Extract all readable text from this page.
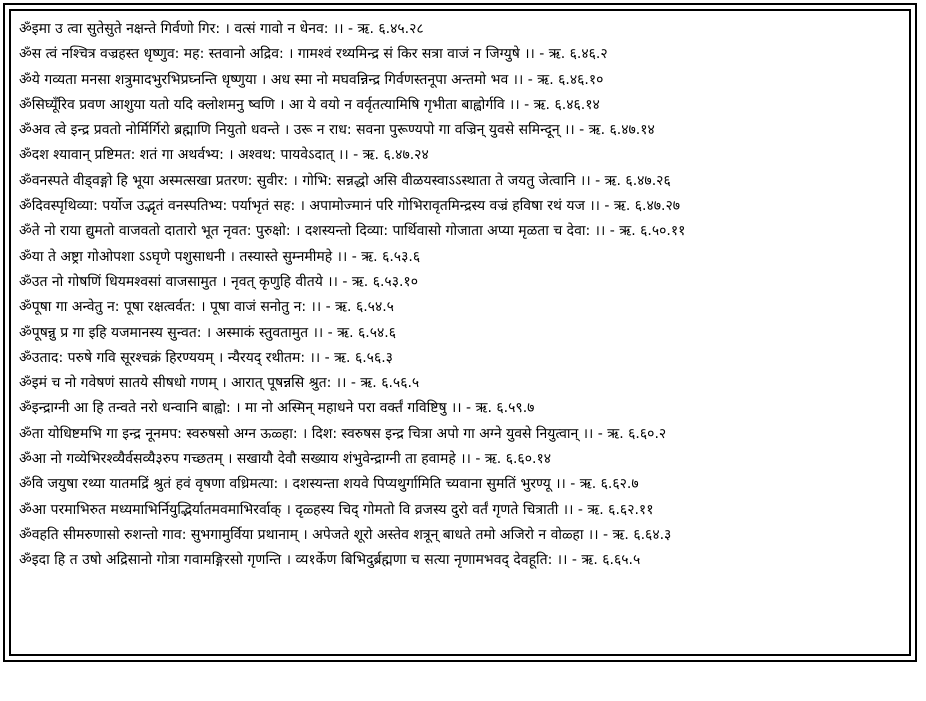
ॐइमा उ त्वा सुतेसुते नक्षन्ते गिर्वणो गिर: । वत्सं गावो न धेनव: ।। - ऋ. ६.४५.२८
ॐस त्वं नश्चित्र वज्रहस्त धृष्णुव: मह: स्तवानो अद्रिव: । गामश्वं रथ्यमिन्द्र सं किर सत्रा वाजं न जिग्युषे ।। - ऋ. ६.४६.२
ॐये गव्यता मनसा शत्रुमादभुरभिप्रघ्नन्ति धृष्णुया । अध स्मा नो मघवन्निन्द्र गिर्वणस्तनूपा अन्तमो भव ।। - ऋ. ६.४६.१०
ॐसिघ्यूँरिव प्रवण आशुया यतो यदि क्लोशमनु ष्वणि । आ ये वयो न वर्वृतत्यामिषि गृभीता बाह्वोर्गवि ।। - ऋ. ६.४६.१४
ॐअव त्वे इन्द्र प्रवतो नोर्मिर्गिरो ब्रह्माणि नियुतो धवन्ते । उरू न राध: सवना पुरूण्यपो गा वज्रिन् युवसे समिन्दून् ।। - ऋ. ६.४७.१४
ॐदश श्यावान् प्रष्टिमत: शतं गा अथर्वभ्य: । अश्वथ: पायवेऽदात् ।। - ऋ. ६.४७.२४
ॐवनस्पते वीड्वङ्गो हि भूया अस्मत्सखा प्रतरण: सुवीर: । गोभि: सन्नद्धो असि वीळयस्वाऽऽस्थाता ते जयतु जेत्वानि ।। - ऋ. ६.४७.२६
ॐदिवस्पृथिव्या: पर्योज उद्भृतं वनस्पतिभ्य: पर्याभृतं सह: । अपामोज्मानं परि गोभिरावृतमिन्द्रस्य वज्रं हविषा रथं यज ।। - ऋ. ६.४७.२७
ॐते नो राया द्युमतो वाजवतो दातारो भूत नृवत: पुरुक्षो: । दशस्यन्तो दिव्या: पार्थिवासो गोजाता अप्या मृळता च देवा: ।। - ऋ. ६.५०.११
ॐया ते अष्ट्रा गोओपशा ऽऽघृणे पशुसाधनी । तस्यास्ते सुम्नमीमहे ।। - ऋ. ६.५३.६
ॐउत नो गोषणिं धियमश्वसां वाजसामुत । नृवत् कृणुहि वीतये ।। - ऋ. ६.५३.१०
ॐपूषा गा अन्वेतु न: पूषा रक्षत्वर्वत: । पूषा वाजं सनोतु न: ।। - ऋ. ६.५४.५
ॐपूषन्नु प्र गा इहि यजमानस्य सुन्वत: । अस्माकं स्तुवतामुत ।। - ऋ. ६.५४.६
ॐउताद: परुषे गवि सूरश्चक्रं हिरण्ययम् । न्यैरयद् रथीतम: ।। - ऋ. ६.५६.३
ॐइमं च नो गवेषणं सातये सीषधो गणम् । आरात् पूषन्नसि श्रुत: ।। - ऋ. ६.५६.५
ॐइन्द्राग्नी आ हि तन्वते नरो धन्वानि बाह्वो: । मा नो अस्मिन् महाधने परा वर्क्तं गविष्टिषु ।। - ऋ. ६.५९.७
ॐता योधिष्टमभि गा इन्द्र नूनमप: स्वरुषसो अग्न ऊळ्हा: । दिश: स्वरुषस इन्द्र चित्रा अपो गा अग्ने युवसे नियुत्वान् ।। - ऋ. ६.६०.२
ॐआ नो गव्येभिरश्व्यैर्वसव्यै३रुप गच्छतम् । सखायौ देवौ सख्याय शंभुवेन्द्राग्नी ता हवामहे ।। - ऋ. ६.६०.१४
ॐवि जयुषा रथ्या यातमद्रिं श्रुतं हवं वृषणा वध्रिमत्या: । दशस्यन्ता शयवे पिप्यथुर्गामिति च्यवाना सुमतिं भुरण्यू ।। - ऋ. ६.६२.७
ॐआ परमाभिरुत मध्यमाभिर्नियुद्भिर्यातमवमाभिरर्वाक् । दृळ्हस्य चिद् गोमतो वि व्रजस्य दुरो वर्तं गृणते चित्राती ।। - ऋ. ६.६२.११
ॐवहति सीमरुणासो रुशन्तो गाव: सुभगामुर्विया प्रथानाम् । अपेजते शूरो अस्तेव शत्रून् बाधते तमो अजिरो न वोळ्हा ।। - ऋ. ६.६४.३
ॐइदा हि त उषो अद्रिसानो गोत्रा गवामङ्गिरसो गृणन्ति । व्य१र्केण बिभिदुर्ब्रह्मणा च सत्या नृणामभवद् देवहूति: ।। - ऋ. ६.६५.५
